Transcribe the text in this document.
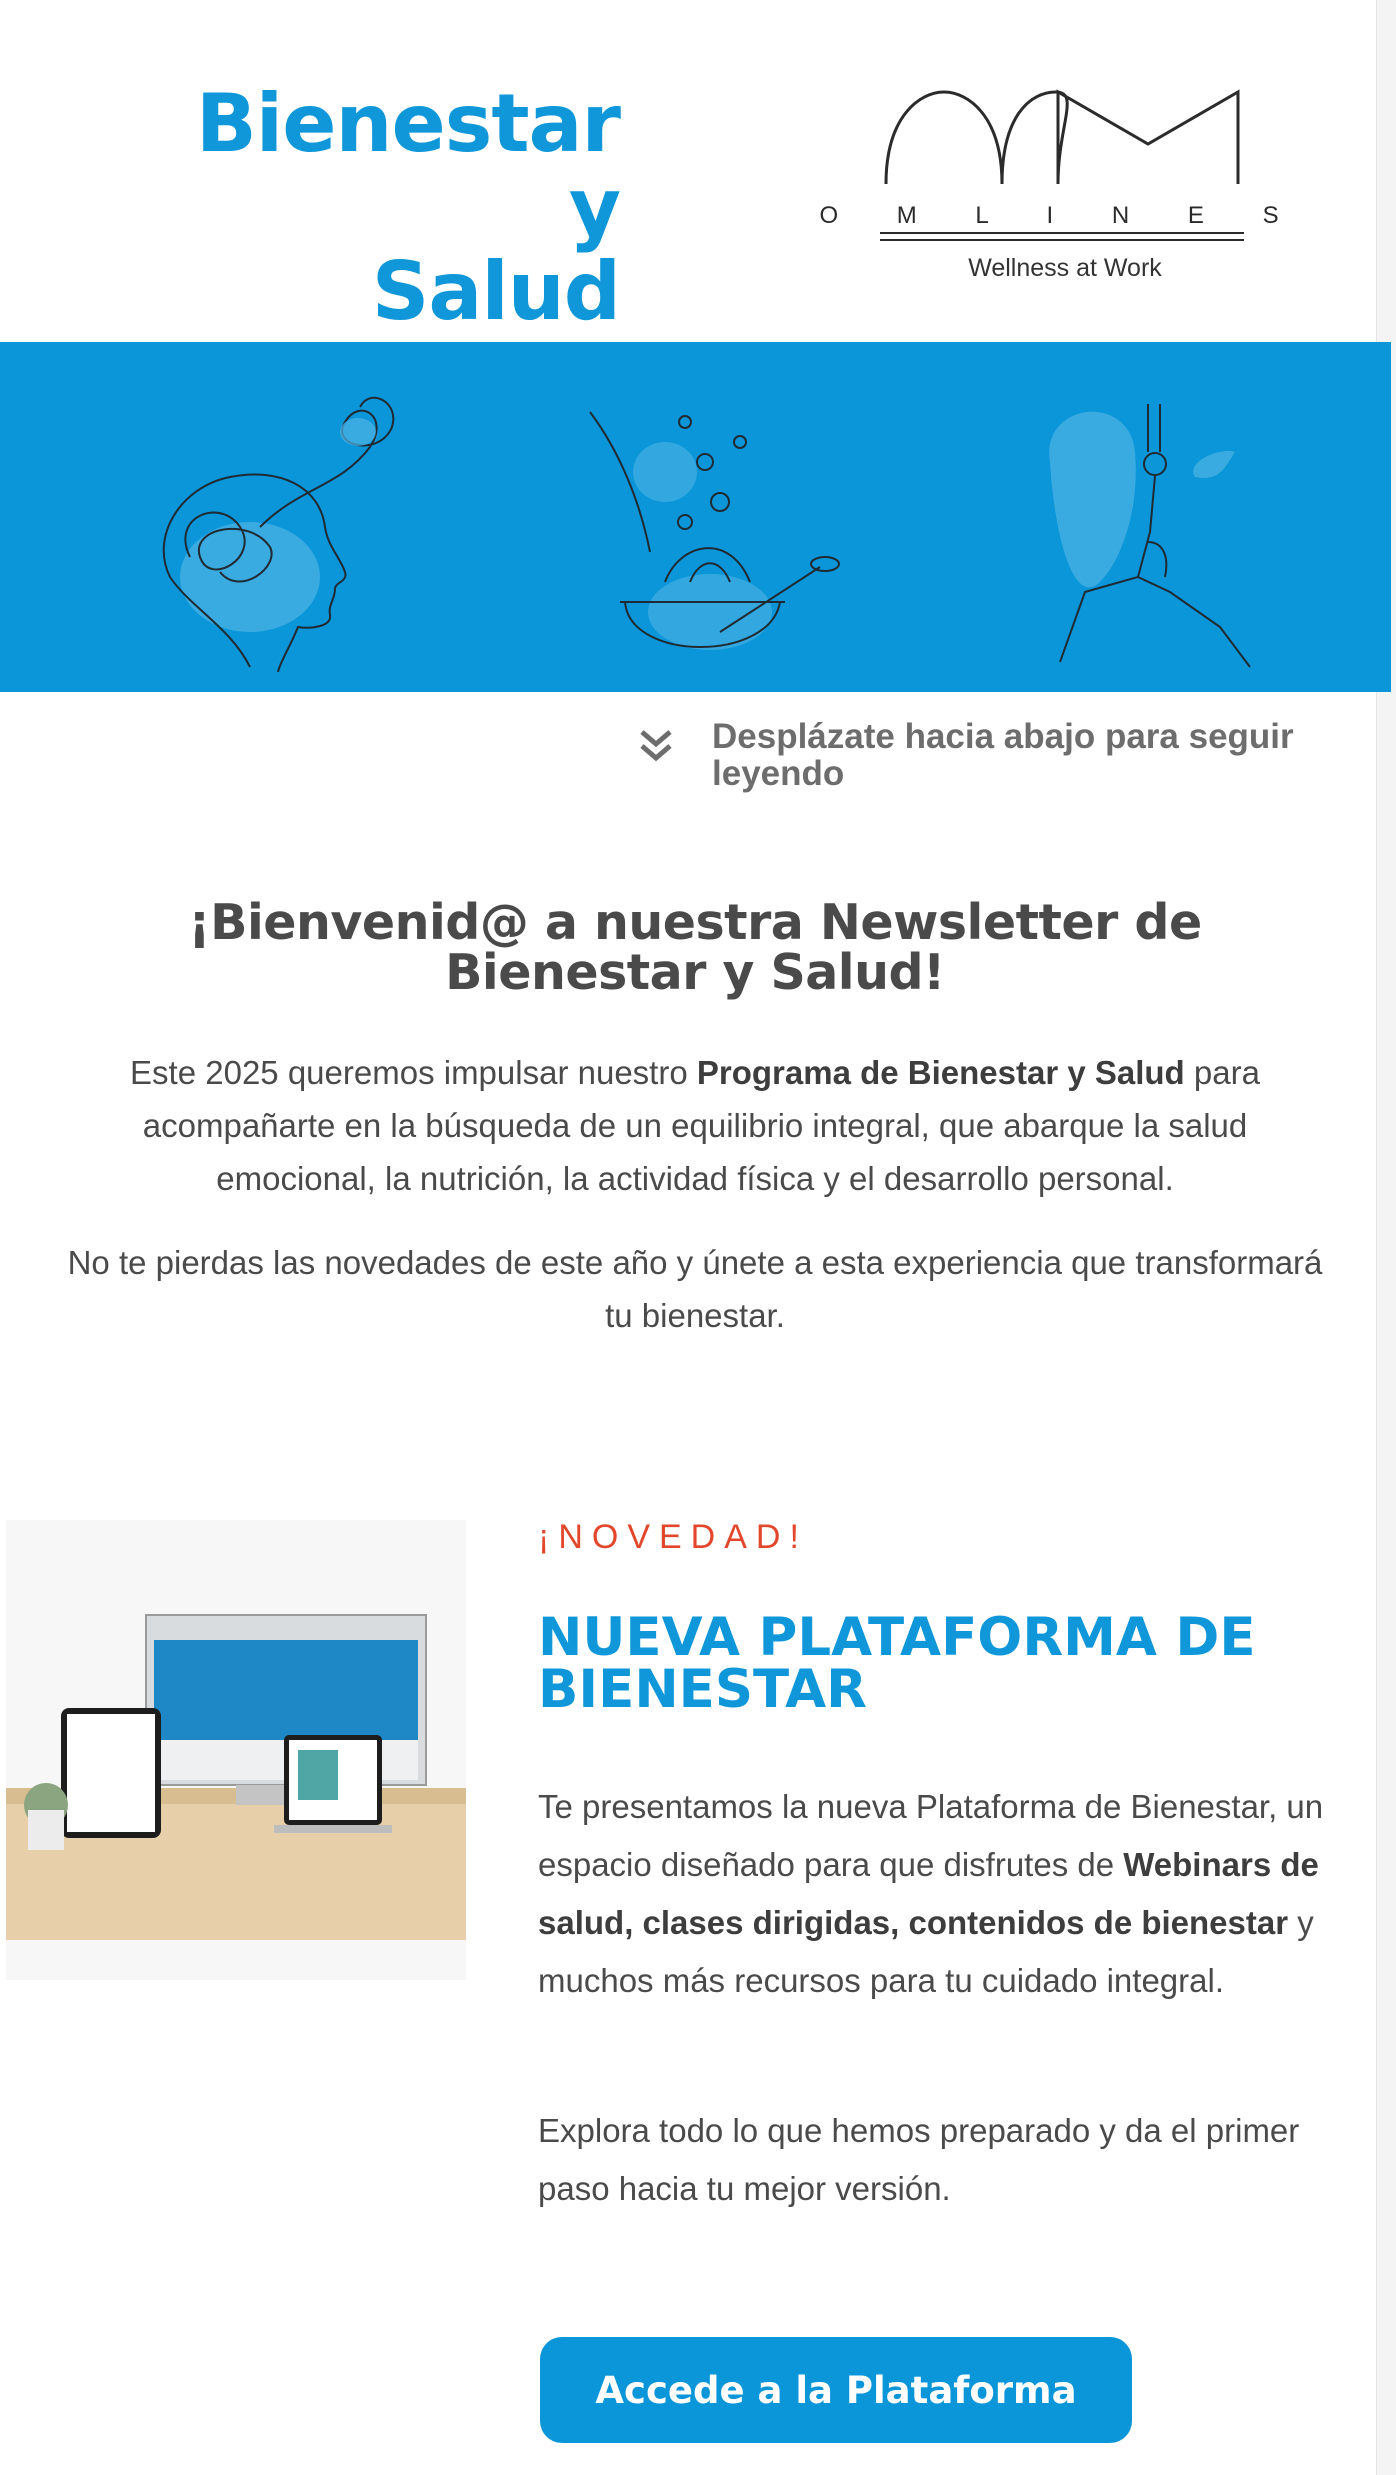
Bienestar y
Salud
O M L I N E S
Wellness at Work
Desplázate hacia abajo para seguir leyendo
¡Bienvenid@ a nuestra Newsletter de Bienestar y Salud!

Este 2025 queremos impulsar nuestro Programa de Bienestar y Salud para acompañarte en la búsqueda de un equilibrio integral, que abarque la salud emocional, la nutrición, la actividad física y el desarrollo personal.

No te pierdas las novedades de este año y únete a esta experiencia que transformará tu bienestar.

¡NOVEDAD!
NUEVA PLATAFORMA DE BIENESTAR

Te presentamos la nueva Plataforma de Bienestar, un espacio diseñado para que disfrutes de Webinars de salud, clases dirigidas, contenidos de bienestar y muchos más recursos para tu cuidado integral.

Explora todo lo que hemos preparado y da el primer paso hacia tu mejor versión.

Accede a la Plataforma
